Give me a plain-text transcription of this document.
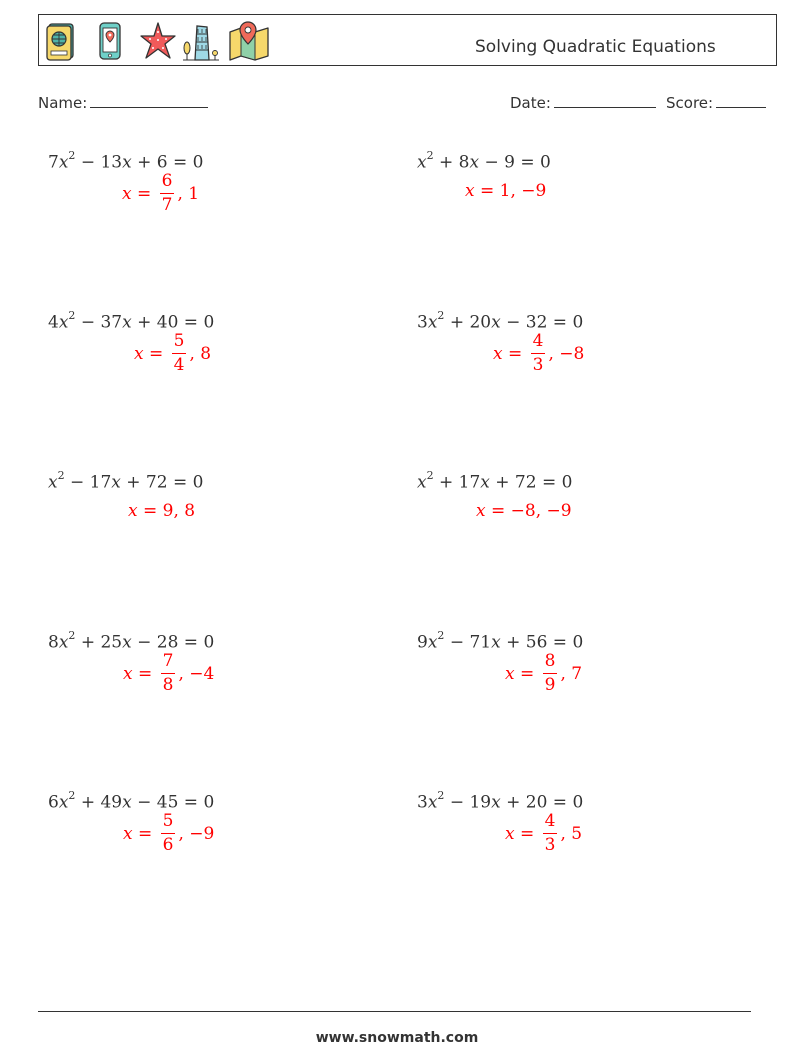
Solving Quadratic Equations
Name:	Date:	Score:
$7x^2 - 13x + 6 = 0$
$x = \frac{6}{7}$ , 1
$x^2 + 8x - 9 = 0$
x = 1, −9
$4x^2 - 37x + 40 = 0$
$x = \frac{5}{4}$ , 8
$3x^2 + 20x - 32 = 0$
$x = \frac{4}{3}$ , −8
$x^2 - 17x + 72 = 0$
x = 9, 8
$x^2 + 17x + 72 = 0$
x = −8, −9
$8x^2 + 25x - 28 = 0$
$x = \frac{7}{8}$ , −4
$9x^2 - 71x + 56 = 0$
$x = \frac{8}{9}$ , 7
$6x^2 + 49x - 45 = 0$
$x = \frac{5}{6}$ , −9
$3x^2 - 19x + 20 = 0$
$x = \frac{4}{3}$ , 5
www.snowmath.com
